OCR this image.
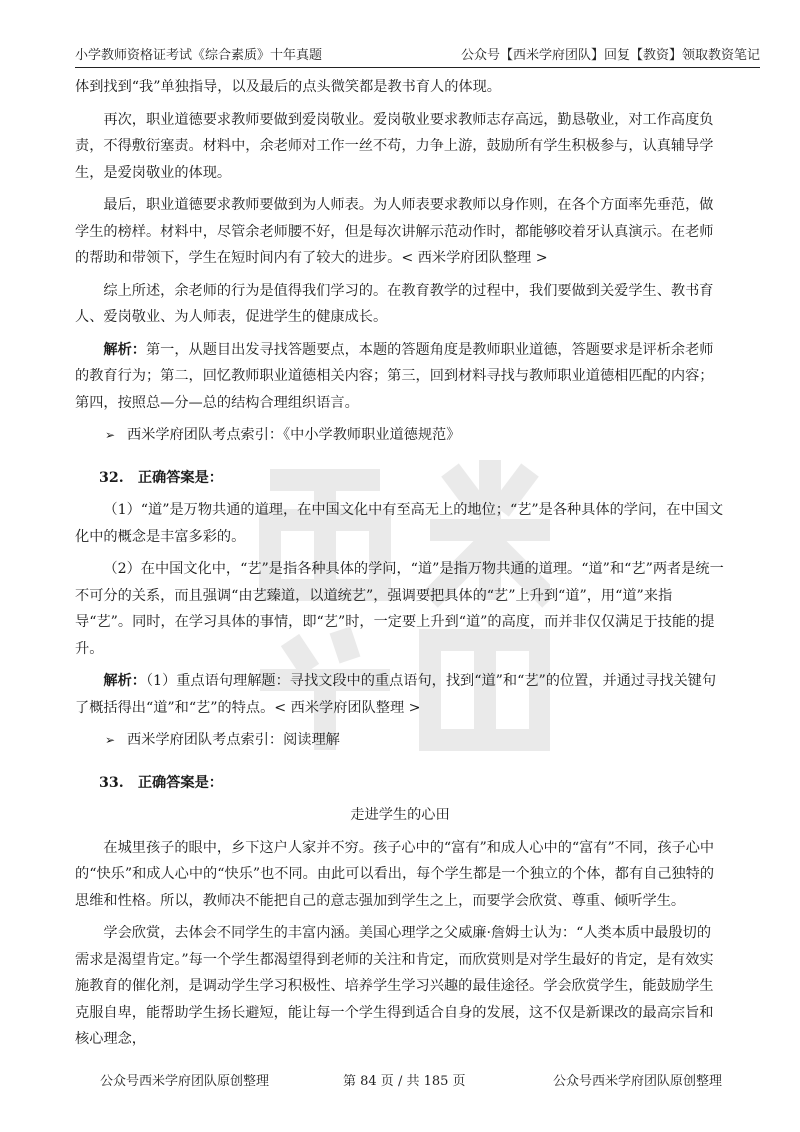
小学教师资格证考试《综合素质》十年真题	公众号【西米学府团队】回复【教资】领取教资笔记

体到找到“我”单独指导，以及最后的点头微笑都是教书育人的体现。

再次，职业道德要求教师要做到爱岗敬业。爱岗敬业要求教师志存高远，勤恳敬业，对工作高度负责，不得敷衍塞责。材料中，余老师对工作一丝不苟，力争上游，鼓励所有学生积极参与，认真辅导学生，是爱岗敬业的体现。

最后，职业道德要求教师要做到为人师表。为人师表要求教师以身作则，在各个方面率先垂范，做学生的榜样。材料中，尽管余老师腰不好，但是每次讲解示范动作时，都能够咬着牙认真演示。在老师的帮助和带领下，学生在短时间内有了较大的进步。< 西米学府团队整理 >

综上所述，余老师的行为是值得我们学习的。在教育教学的过程中，我们要做到关爱学生、教书育人、爱岗敬业、为人师表，促进学生的健康成长。

解析：第一，从题目出发寻找答题要点，本题的答题角度是教师职业道德，答题要求是评析余老师的教育行为；第二，回忆教师职业道德相关内容；第三，回到材料寻找与教师职业道德相匹配的内容；第四，按照总—分—总的结构合理组织语言。

➢ 西米学府团队考点索引：《中小学教师职业道德规范》

32.　正确答案是：

（1）“道”是万物共通的道理，在中国文化中有至高无上的地位；“艺”是各种具体的学问，在中国文化中的概念是丰富多彩的。

（2）在中国文化中，“艺”是指各种具体的学问，“道”是指万物共通的道理。“道”和“艺”两者是统一不可分的关系，而且强调“由艺臻道，以道统艺”，强调要把具体的“艺”上升到“道”，用“道”来指导“艺”。同时，在学习具体的事情，即“艺”时，一定要上升到“道”的高度，而并非仅仅满足于技能的提升。

解析：（1）重点语句理解题：寻找文段中的重点语句，找到“道”和“艺”的位置，并通过寻找关键句了概括得出“道”和“艺”的特点。< 西米学府团队整理 >

➢ 西米学府团队考点索引：阅读理解

33.　正确答案是：

走进学生的心田

在城里孩子的眼中，乡下这户人家并不穷。孩子心中的“富有”和成人心中的“富有”不同，孩子心中的“快乐”和成人心中的“快乐”也不同。由此可以看出，每个学生都是一个独立的个体，都有自己独特的思维和性格。所以，教师决不能把自己的意志强加到学生之上，而要学会欣赏、尊重、倾听学生。

学会欣赏，去体会不同学生的丰富内涵。美国心理学之父威廉·詹姆士认为：“人类本质中最殷切的需求是渴望肯定。”每一个学生都渴望得到老师的关注和肯定，而欣赏则是对学生最好的肯定，是有效实施教育的催化剂，是调动学生学习积极性、培养学生学习兴趣的最佳途径。学会欣赏学生，能鼓励学生克服自卑，能帮助学生扬长避短，能让每一个学生得到适合自身的发展，这不仅是新课改的最高宗旨和核心理念，

公众号西米学府团队原创整理	第 84 页 / 共 185 页	公众号西米学府团队原创整理
